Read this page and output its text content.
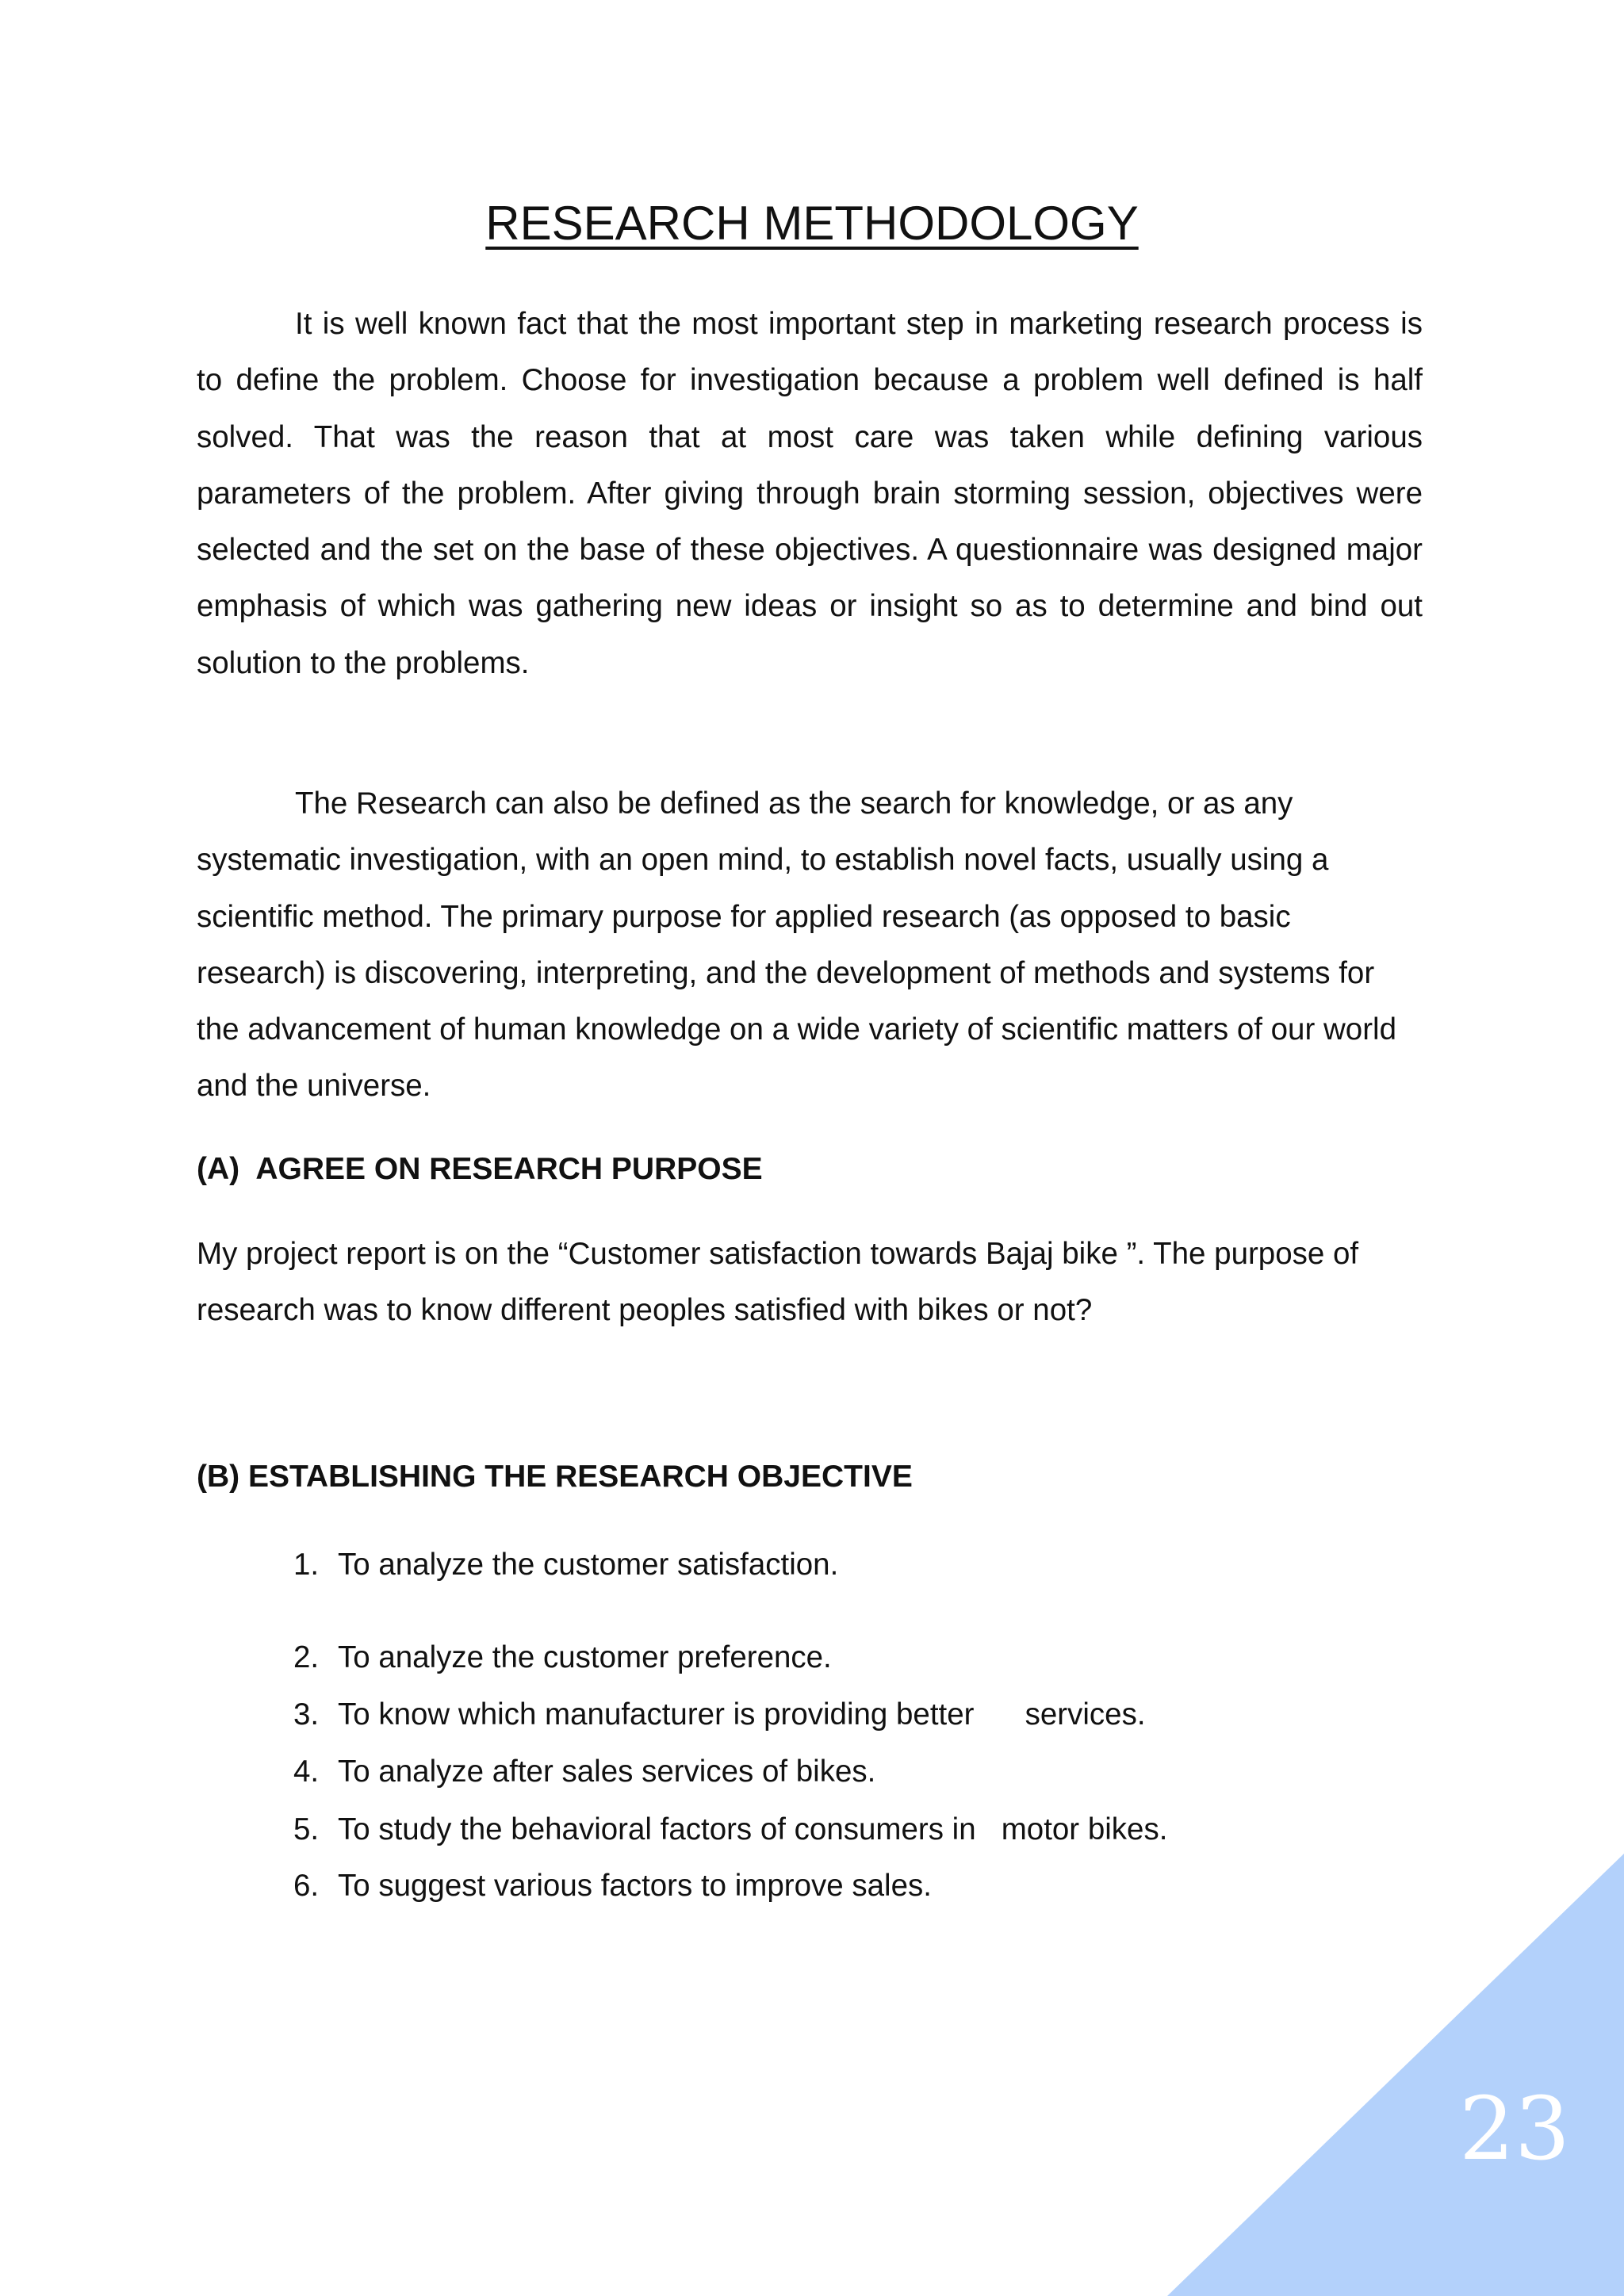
RESEARCH METHODOLOGY

It is well known fact that the most important step in marketing research process is to define the problem. Choose for investigation because a problem well defined is half solved. That was the reason that at most care was taken while defining various parameters of the problem. After giving through brain storming session, objectives were selected and the set on the base of these objectives. A questionnaire was designed major emphasis of which was gathering new ideas or insight so as to determine and bind out solution to the problems.

The Research can also be defined as the search for knowledge, or as any systematic investigation, with an open mind, to establish novel facts, usually using a scientific method. The primary purpose for applied research (as opposed to basic research) is discovering, interpreting, and the development of methods and systems for the advancement of human knowledge on a wide variety of scientific matters of our world and the universe.

(A)  AGREE ON RESEARCH PURPOSE

My project report is on the “Customer satisfaction towards Bajaj bike ”. The purpose of research was to know different peoples satisfied with bikes or not?

(B) ESTABLISHING THE RESEARCH OBJECTIVE

1. To analyze the customer satisfaction.

2. To analyze the customer preference.

3. To know which manufacturer is providing better      services.

4. To analyze after sales services of bikes.

5. To study the behavioral factors of consumers in   motor bikes.

6. To suggest various factors to improve sales.

23
